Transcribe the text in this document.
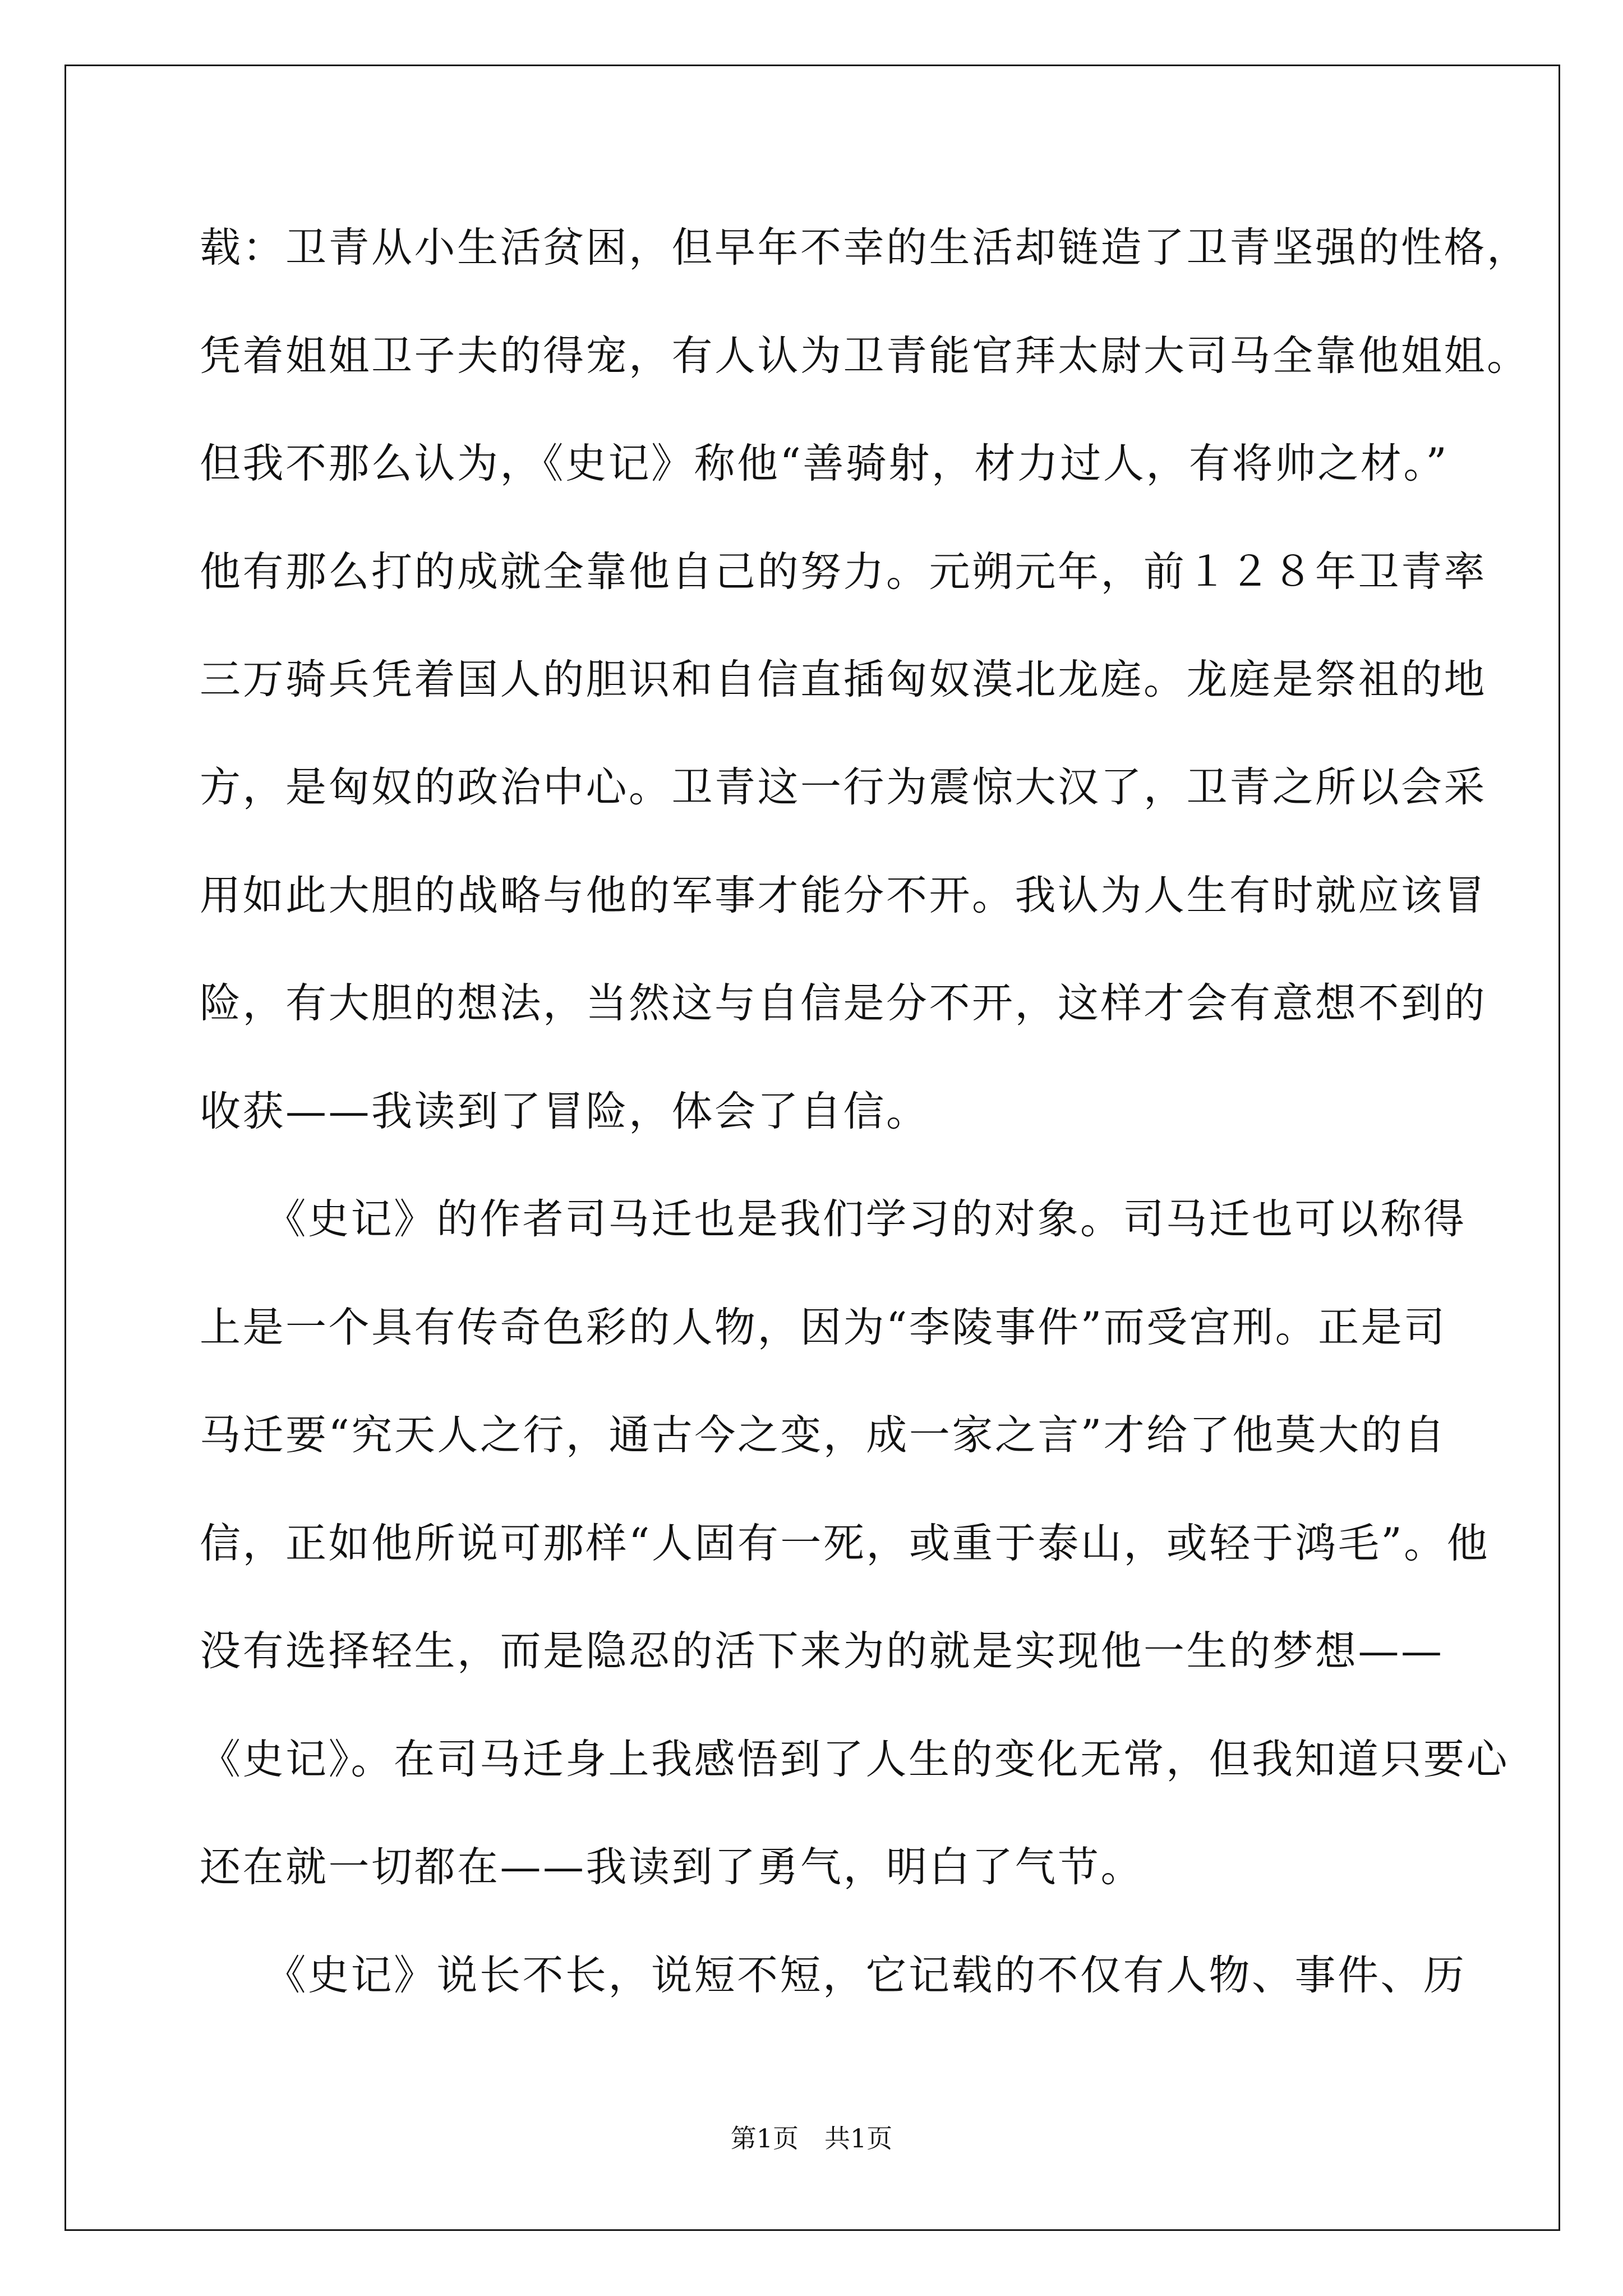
载：卫青从小生活贫困，但早年不幸的生活却链造了卫青坚强的性格，
凭着姐姐卫子夫的得宠，有人认为卫青能官拜太尉大司马全靠他姐姐。
但我不那么认为，《史记》称他“善骑射，材力过人，有将帅之材。”
他有那么打的成就全靠他自己的努力。元朔元年，前１２８年卫青率
三万骑兵凭着国人的胆识和自信直插匈奴漠北龙庭。龙庭是祭祖的地
方，是匈奴的政治中心。卫青这一行为震惊大汉了，卫青之所以会采
用如此大胆的战略与他的军事才能分不开。我认为人生有时就应该冒
险，有大胆的想法，当然这与自信是分不开，这样才会有意想不到的
收获——我读到了冒险，体会了自信。
　　《史记》的作者司马迁也是我们学习的对象。司马迁也可以称得
上是一个具有传奇色彩的人物，因为“李陵事件”而受宫刑。正是司
马迁要“究天人之行，通古今之变，成一家之言”才给了他莫大的自
信，正如他所说可那样“人固有一死，或重于泰山，或轻于鸿毛”。他
没有选择轻生，而是隐忍的活下来为的就是实现他一生的梦想——
《史记》。在司马迁身上我感悟到了人生的变化无常，但我知道只要心
还在就一切都在——我读到了勇气，明白了气节。
　　《史记》说长不长，说短不短，它记载的不仅有人物、事件、历
第1页　共1页
